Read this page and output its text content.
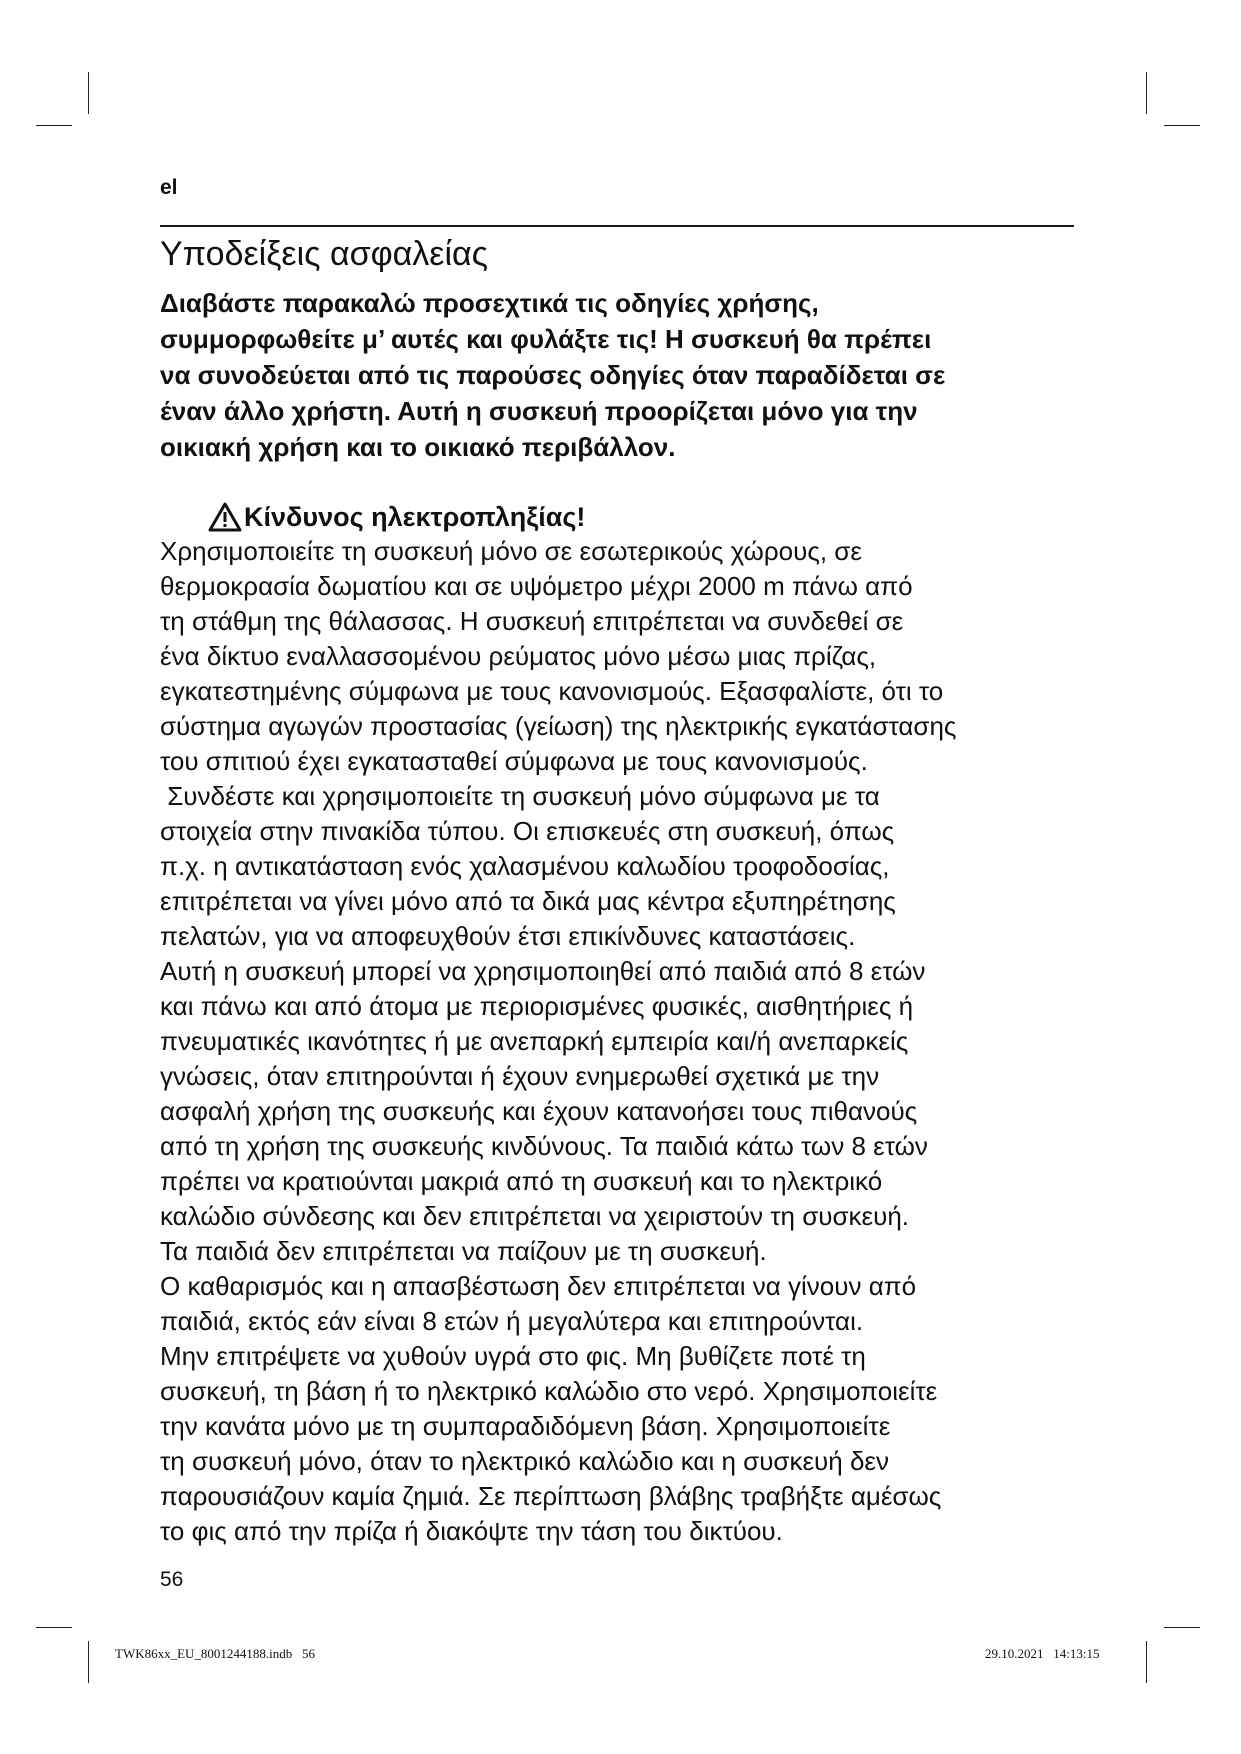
el
Υποδείξεις ασφαλείας
Διαβάστε παρακαλώ προσεχτικά τις οδηγίες χρήσης,
συμμορφωθείτε μ’ αυτές και φυλάξτε τις! Η συσκευή θα πρέπει
να συνοδεύεται από τις παρούσες οδηγίες όταν παραδίδεται σε
έναν άλλο χρήστη. Αυτή η συσκευή προορίζεται μόνο για την
οικιακή χρήση και το οικιακό περιβάλλον.
Κίνδυνος ηλεκτροπληξίας!
Χρησιμοποιείτε τη συσκευή μόνο σε εσωτερικούς χώρους, σε
θερμοκρασία δωματίου και σε υψόμετρο μέχρι 2000 m πάνω από
τη στάθμη της θάλασσας. Η συσκευή επιτρέπεται να συνδεθεί σε
ένα δίκτυο εναλλασσομένου ρεύματος μόνο μέσω μιας πρίζας,
εγκατεστημένης σύμφωνα με τους κανονισμούς. Εξασφαλίστε, ότι το
σύστημα αγωγών προστασίας (γείωση) της ηλεκτρικής εγκατάστασης
του σπιτιού έχει εγκατασταθεί σύμφωνα με τους κανονισμούς.
Συνδέστε και χρησιμοποιείτε τη συσκευή μόνο σύμφωνα με τα
στοιχεία στην πινακίδα τύπου. Οι επισκευές στη συσκευή, όπως
π.χ. η αντικατάσταση ενός χαλασμένου καλωδίου τροφοδοσίας,
επιτρέπεται να γίνει μόνο από τα δικά μας κέντρα εξυπηρέτησης
πελατών, για να αποφευχθούν έτσι επικίνδυνες καταστάσεις.
Αυτή η συσκευή μπορεί να χρησιμοποιηθεί από παιδιά από 8 ετών
και πάνω και από άτομα με περιορισμένες φυσικές, αισθητήριες ή
πνευματικές ικανότητες ή με ανεπαρκή εμπειρία και/ή ανεπαρκείς
γνώσεις, όταν επιτηρούνται ή έχουν ενημερωθεί σχετικά με την
ασφαλή χρήση της συσκευής και έχουν κατανοήσει τους πιθανούς
από τη χρήση της συσκευής κινδύνους. Τα παιδιά κάτω των 8 ετών
πρέπει να κρατιούνται μακριά από τη συσκευή και το ηλεκτρικό
καλώδιο σύνδεσης και δεν επιτρέπεται να χειριστούν τη συσκευή.
Τα παιδιά δεν επιτρέπεται να παίζουν με τη συσκευή.
Ο καθαρισμός και η απασβέστωση δεν επιτρέπεται να γίνουν από
παιδιά, εκτός εάν είναι 8 ετών ή μεγαλύτερα και επιτηρούνται.
Μην επιτρέψετε να χυθούν υγρά στο φις. Μη βυθίζετε ποτέ τη
συσκευή, τη βάση ή το ηλεκτρικό καλώδιο στο νερό. Χρησιμοποιείτε
την κανάτα μόνο με τη συμπαραδιδόμενη βάση. Χρησιμοποιείτε
τη συσκευή μόνο, όταν το ηλεκτρικό καλώδιο και η συσκευή δεν
παρουσιάζουν καμία ζημιά. Σε περίπτωση βλάβης τραβήξτε αμέσως
το φις από την πρίζα ή διακόψτε την τάση του δικτύου.
56
TWK86xx_EU_8001244188.indb   56	29.10.2021   14:13:15
